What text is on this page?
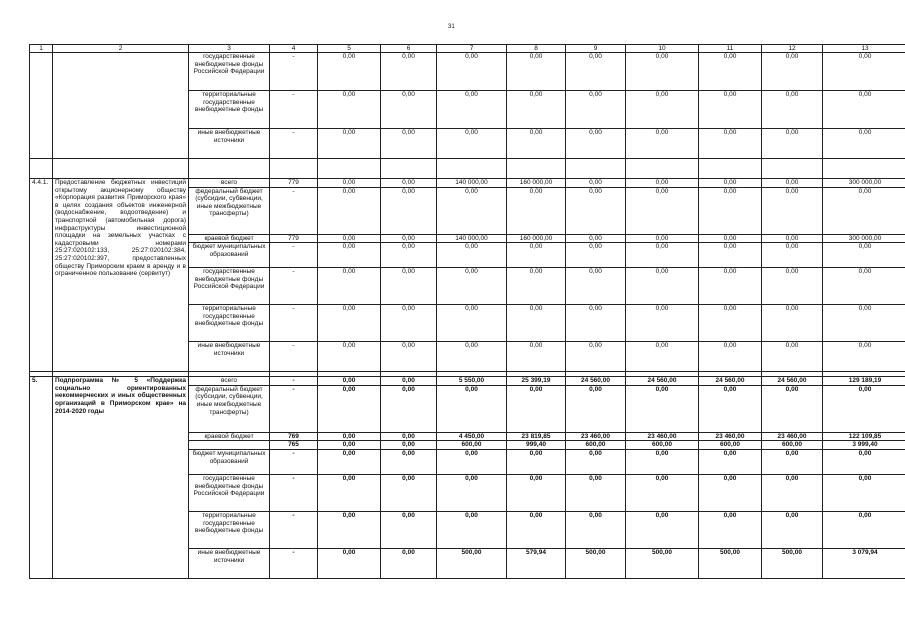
31
1	2	3	4	5	6	7	8	9	10	11	12	13
		государственные внебюджетные фонды Российской Федерации	-	0,00	0,00	0,00	0,00	0,00	0,00	0,00	0,00	0,00
		территориальные государственные внебюджетные фонды	-	0,00	0,00	0,00	0,00	0,00	0,00	0,00	0,00	0,00
		иные внебюджетные источники	-	0,00	0,00	0,00	0,00	0,00	0,00	0,00	0,00	0,00

4.4.1.	Предоставление бюджетных инвестиций открытому акционерному обществу «Корпорация развития Приморского края» в целях создания объектов инженерной (водоснабжение, водоотведение) и транспортной (автомобильная дорога) инфраструктуры инвестиционной площадки на земельных участках с кадастровыми номерами 25:27:020102:133, 25:27:020102:384, 25:27:020102:397, предоставленных обществу Приморским краем в аренду и в ограниченное пользование (сервитут)	всего	779	0,00	0,00	140 000,00	160 000,00	0,00	0,00	0,00	0,00	300 000,00
		федеральный бюджет (субсидии, субвенции, иные межбюджетные трансферты)	-	0,00	0,00	0,00	0,00	0,00	0,00	0,00	0,00	0,00
		краевой бюджет	779	0,00	0,00	140 000,00	160 000,00	0,00	0,00	0,00	0,00	300 000,00
		бюджет муниципальных образований	-	0,00	0,00	0,00	0,00	0,00	0,00	0,00	0,00	0,00
		государственные внебюджетные фонды Российской Федерации	-	0,00	0,00	0,00	0,00	0,00	0,00	0,00	0,00	0,00
		территориальные государственные внебюджетные фонды	-	0,00	0,00	0,00	0,00	0,00	0,00	0,00	0,00	0,00
		иные внебюджетные источники	-	0,00	0,00	0,00	0,00	0,00	0,00	0,00	0,00	0,00

5.	Подпрограмма № 5 «Поддержка социально ориентированных некоммерческих и иных общественных организаций в Приморском крае» на 2014-2020 годы	всего	-	0,00	0,00	5 550,00	25 399,19	24 560,00	24 560,00	24 560,00	24 560,00	129 189,19
		федеральный бюджет (субсидии, субвенции, иные межбюджетные трансферты)	-	0,00	0,00	0,00	0,00	0,00	0,00	0,00	0,00	0,00
		краевой бюджет	769	0,00	0,00	4 450,00	23 819,85	23 460,00	23 460,00	23 460,00	23 460,00	122 109,85
			765	0,00	0,00	600,00	999,40	600,00	600,00	600,00	600,00	3 999,40
		бюджет муниципальных образований	-	0,00	0,00	0,00	0,00	0,00	0,00	0,00	0,00	0,00
		государственные внебюджетные фонды Российской Федерации	-	0,00	0,00	0,00	0,00	0,00	0,00	0,00	0,00	0,00
		территориальные государственные внебюджетные фонды	-	0,00	0,00	0,00	0,00	0,00	0,00	0,00	0,00	0,00
		иные внебюджетные источники	-	0,00	0,00	500,00	579,94	500,00	500,00	500,00	500,00	3 079,94
